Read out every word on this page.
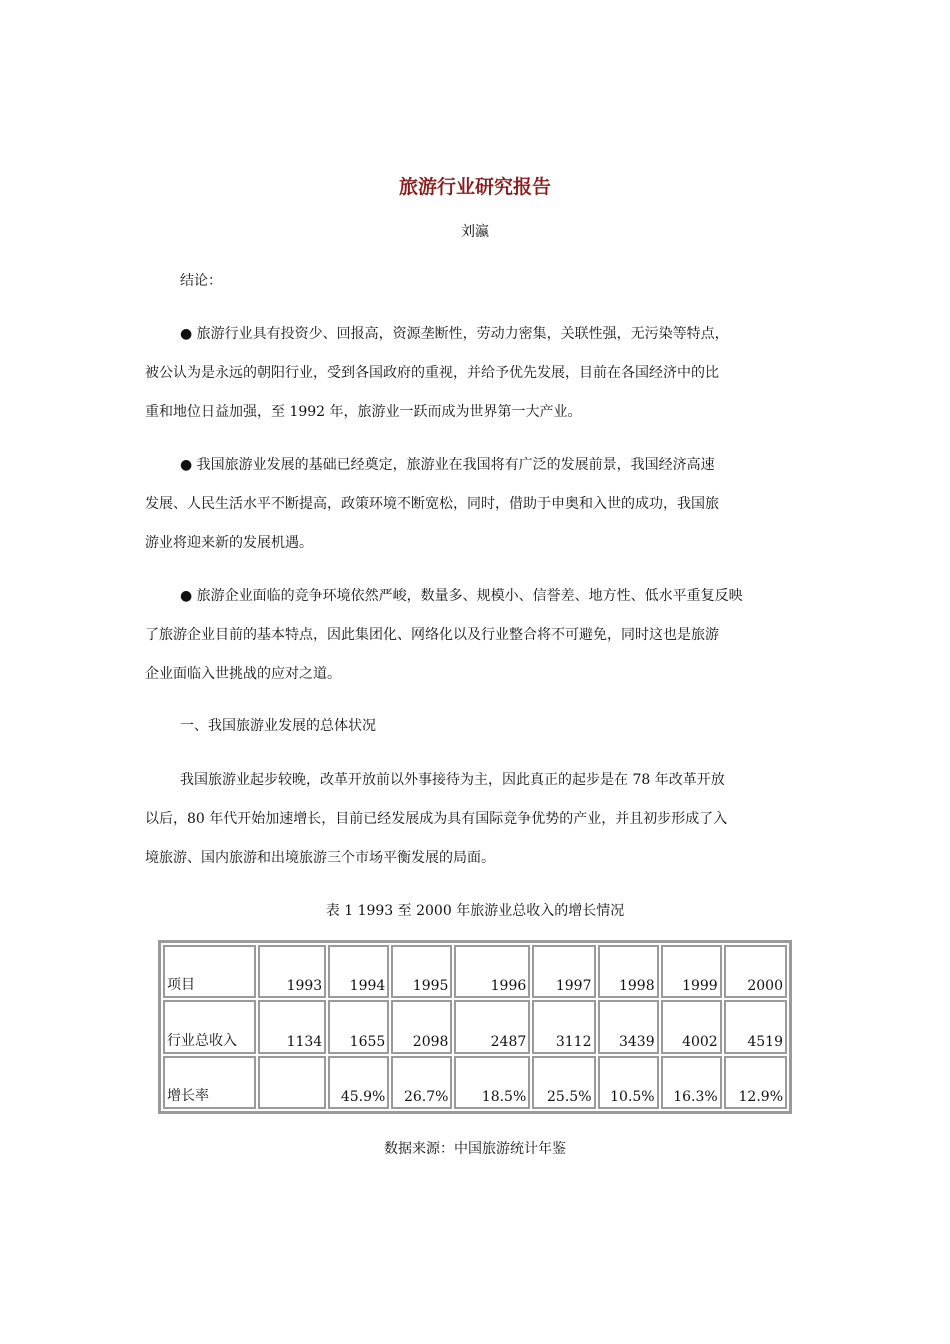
旅游行业研究报告
刘瀛
结论：
● 旅游行业具有投资少、回报高，资源垄断性，劳动力密集，关联性强，无污染等特点，
被公认为是永远的朝阳行业，受到各国政府的重视，并给予优先发展，目前在各国经济中的比
重和地位日益加强，至 1992 年，旅游业一跃而成为世界第一大产业。
● 我国旅游业发展的基础已经奠定，旅游业在我国将有广泛的发展前景，我国经济高速
发展、人民生活水平不断提高，政策环境不断宽松，同时，借助于申奥和入世的成功，我国旅
游业将迎来新的发展机遇。
● 旅游企业面临的竞争环境依然严峻，数量多、规模小、信誉差、地方性、低水平重复反映
了旅游企业目前的基本特点，因此集团化、网络化以及行业整合将不可避免，同时这也是旅游
企业面临入世挑战的应对之道。
一、我国旅游业发展的总体状况
我国旅游业起步较晚，改革开放前以外事接待为主，因此真正的起步是在 78 年改革开放
以后，80 年代开始加速增长，目前已经发展成为具有国际竞争优势的产业，并且初步形成了入
境旅游、国内旅游和出境旅游三个市场平衡发展的局面。
表 1 1993 至 2000 年旅游业总收入的增长情况
项目	1993	1994	1995	1996	1997	1998	1999	2000
行业总收入	1134	1655	2098	2487	3112	3439	4002	4519
增长率		45.9%	26.7%	18.5%	25.5%	10.5%	16.3%	12.9%
数据来源：中国旅游统计年鉴
